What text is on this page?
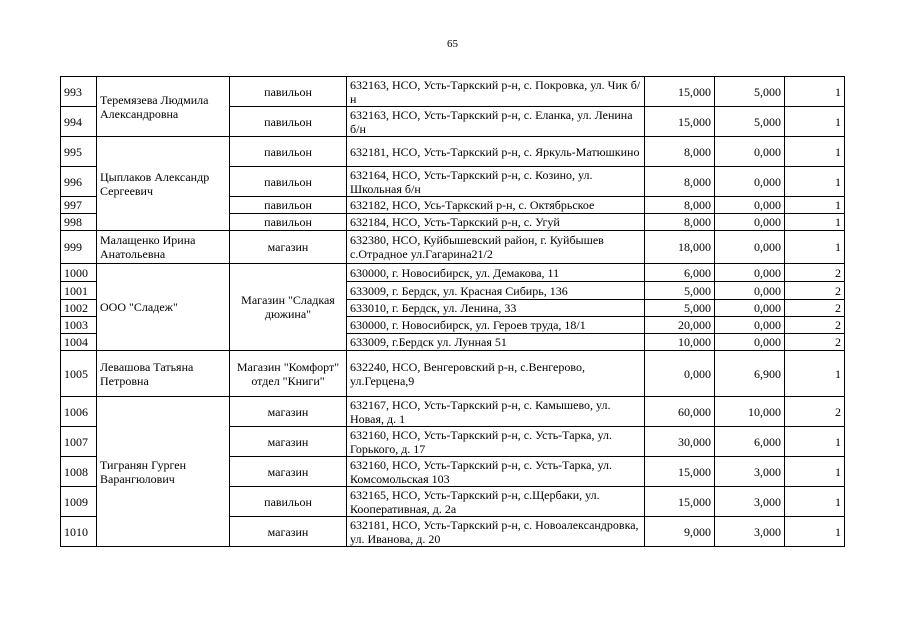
65
993	Теремязева Людмила Александровна	павильон	632163, НСО, Усть-Таркский р-н, с. Покровка, ул. Чик б/н	15,000	5,000	1
994		павильон	632163, НСО, Усть-Таркский р-н, с. Еланка, ул. Ленина б/н	15,000	5,000	1
995	Цыплаков Александр Сергеевич	павильон	632181, НСО, Усть-Таркский р-н, с. Яркуль-Матюшкино	8,000	0,000	1
996		павильон	632164, НСО, Усть-Таркский р-н, с. Козино, ул. Школьная б/н	8,000	0,000	1
997		павильон	632182, НСО, Усь-Таркский р-н, с. Октябрьское	8,000	0,000	1
998		павильон	632184, НСО, Усть-Таркский р-н, с. Угуй	8,000	0,000	1
999	Малащенко Ирина Анатольевна	магазин	632380, НСО, Куйбышевский район, г. Куйбышев с.Отрадное ул.Гагарина21/2	18,000	0,000	1
1000	ООО "Сладеж"	Магазин "Сладкая дюжина"	630000, г. Новосибирск, ул. Демакова, 11	6,000	0,000	2
1001			633009, г. Бердск, ул. Красная Сибирь, 136	5,000	0,000	2
1002			633010, г. Бердск, ул. Ленина, 33	5,000	0,000	2
1003			630000, г. Новосибирск, ул. Героев труда, 18/1	20,000	0,000	2
1004			633009, г.Бердск ул. Лунная 51	10,000	0,000	2
1005	Левашова Татьяна Петровна	Магазин "Комфорт" отдел "Книги"	632240, НСО, Венгеровский р-н, с.Венгерово, ул.Герцена,9	0,000	6,900	1
1006	Тигранян Гурген Варангюлович	магазин	632167, НСО, Усть-Таркский р-н, с. Камышево, ул. Новая, д. 1	60,000	10,000	2
1007		магазин	632160, НСО, Усть-Таркский р-н, с. Усть-Тарка, ул. Горького, д. 17	30,000	6,000	1
1008		магазин	632160, НСО, Усть-Таркский р-н, с. Усть-Тарка, ул. Комсомольская 103	15,000	3,000	1
1009		павильон	632165, НСО, Усть-Таркский р-н, с.Щербаки, ул. Кооперативная, д. 2а	15,000	3,000	1
1010		магазин	632181, НСО, Усть-Таркский р-н, с. Новоалександровка, ул. Иванова, д. 20	9,000	3,000	1
